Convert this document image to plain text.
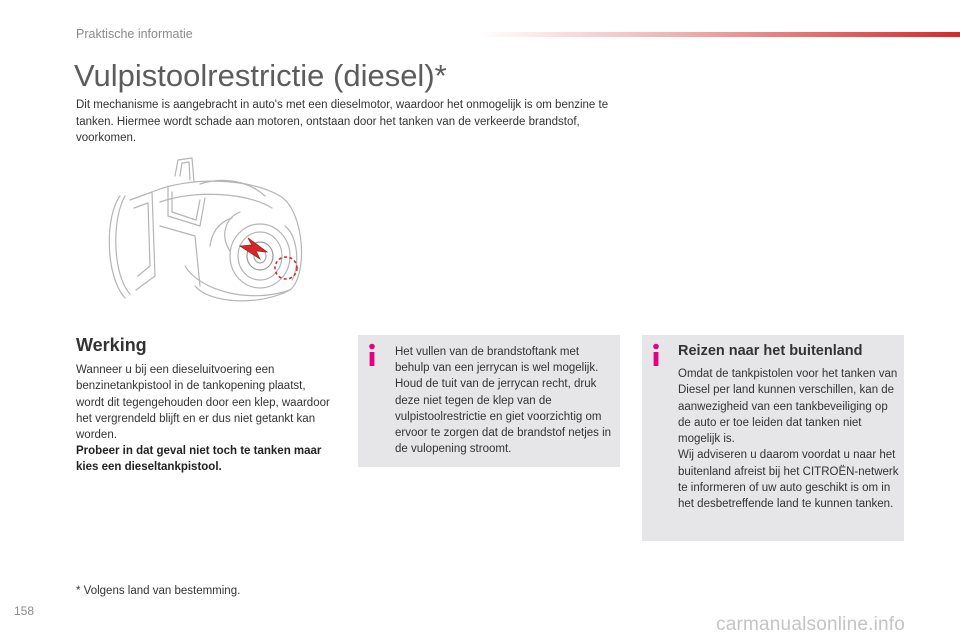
Praktische informatie
Vulpistoolrestrictie (diesel)*

Dit mechanisme is aangebracht in auto's met een dieselmotor, waardoor het onmogelijk is om benzine te tanken. Hiermee wordt schade aan motoren, ontstaan door het tanken van de verkeerde brandstof, voorkomen.

Werking

Wanneer u bij een dieseluitvoering een benzinetankpistool in de tankopening plaatst, wordt dit tegengehouden door een klep, waardoor het vergrendeld blijft en er dus niet getankt kan worden.

Probeer in dat geval niet toch te tanken maar kies een dieseltankpistool.

Het vullen van de brandstoftank met behulp van een jerrycan is wel mogelijk. Houd de tuit van de jerrycan recht, druk deze niet tegen de klep van de vulpistoolrestrictie en giet voorzichtig om ervoor te zorgen dat de brandstof netjes in de vulopening stroomt.

Reizen naar het buitenland
Omdat de tankpistolen voor het tanken van Diesel per land kunnen verschillen, kan de aanwezigheid van een tankbeveiliging op de auto er toe leiden dat tanken niet mogelijk is.
Wij adviseren u daarom voordat u naar het buitenland afreist bij het CITROËN-netwerk te informeren of uw auto geschikt is om in het desbetreffende land te kunnen tanken.

* Volgens land van bestemming.

158
carmanualsonline.info
